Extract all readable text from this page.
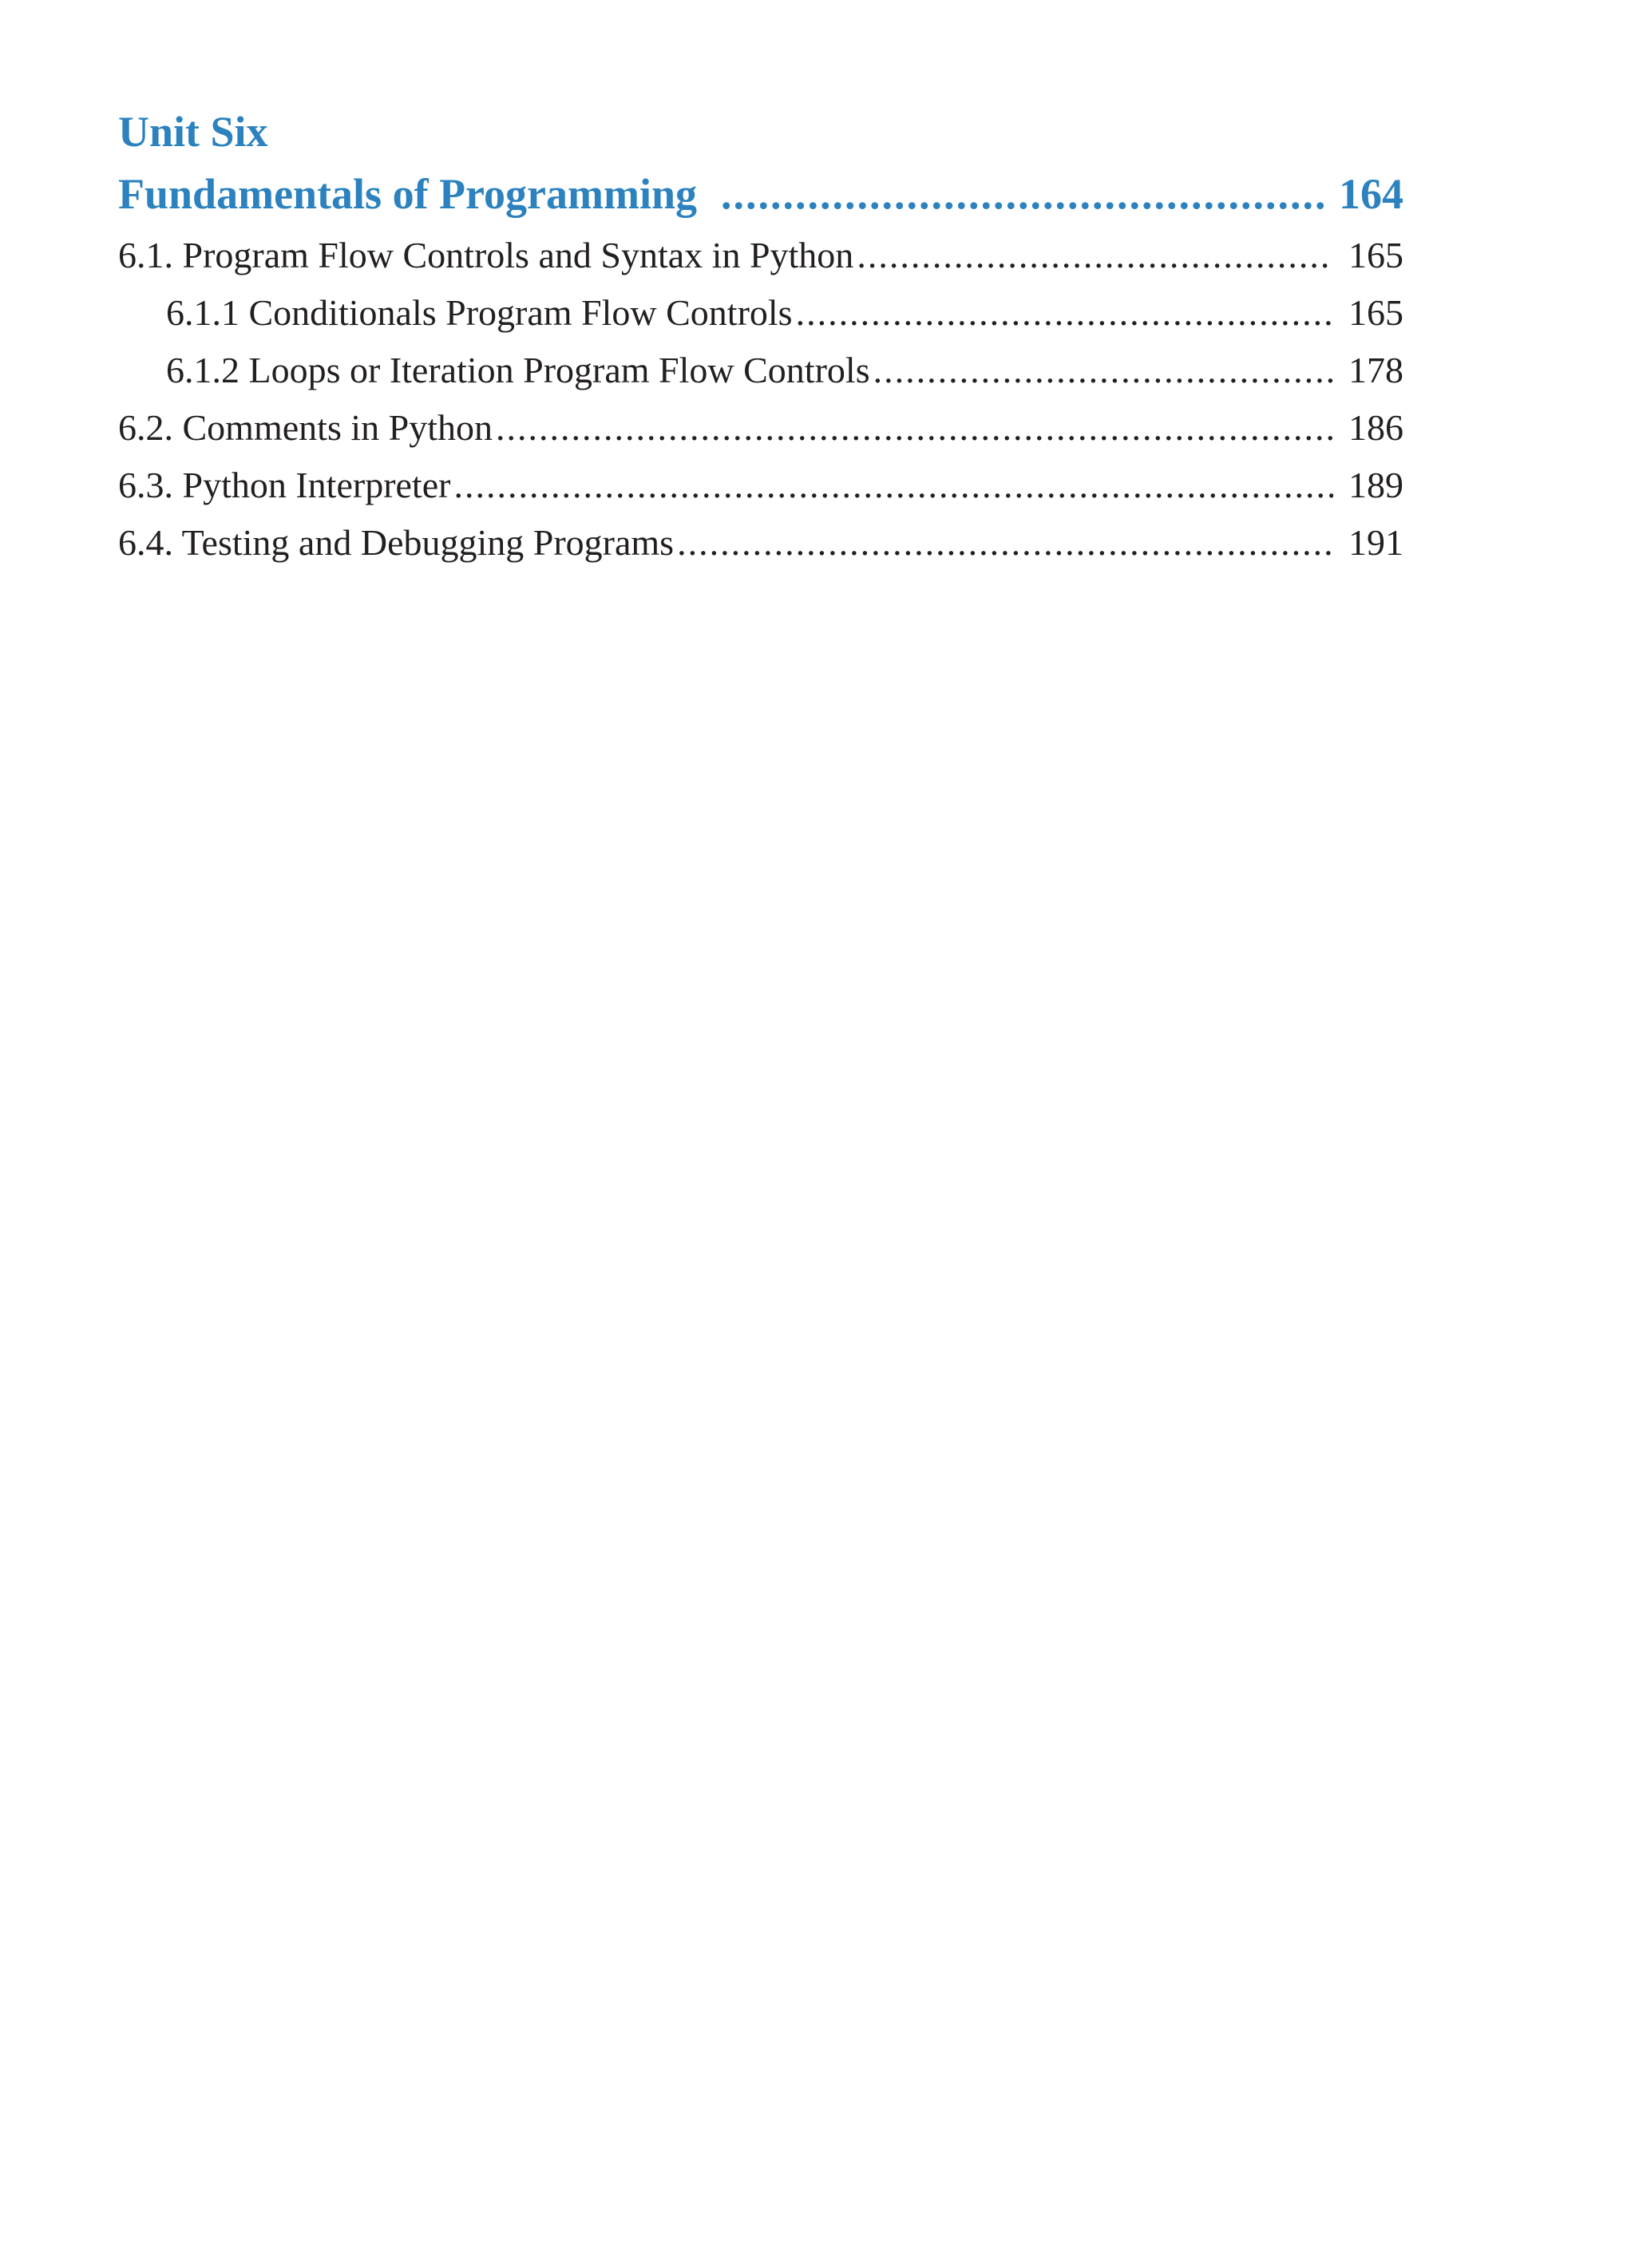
Unit Six
Fundamentals of Programming .....	164
6.1. Program Flow Controls and Syntax in Python .....	165
6.1.1 Conditionals Program Flow Controls .....	165
6.1.2 Loops or Iteration Program Flow Controls .....	178
6.2. Comments in Python .....	186
6.3. Python Interpreter .....	189
6.4. Testing and Debugging Programs .....	191
